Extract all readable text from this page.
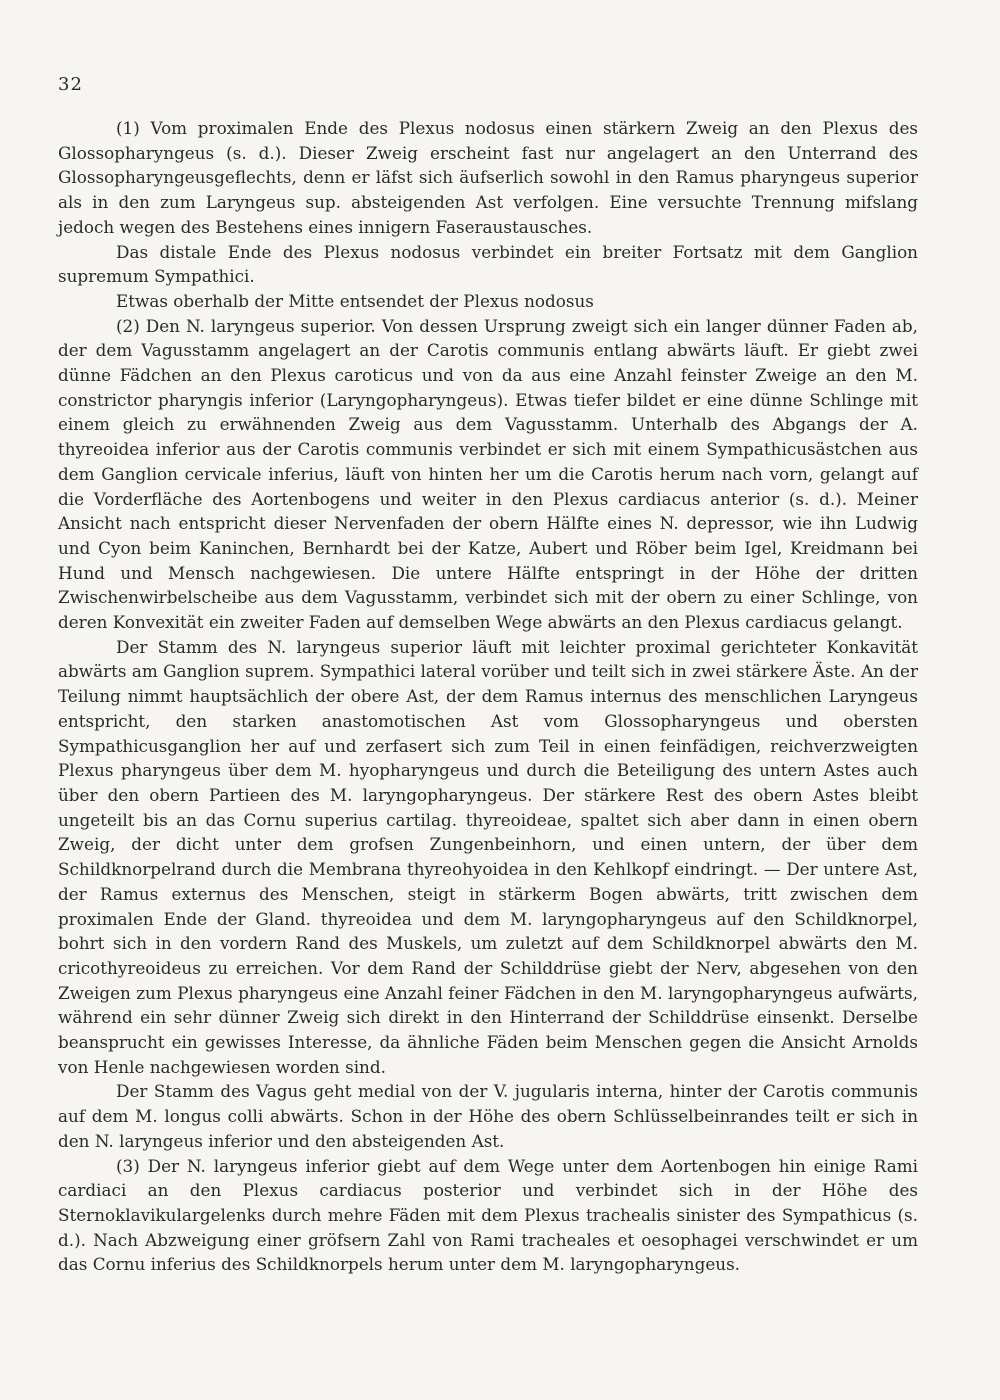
32

(1) Vom proximalen Ende des Plexus nodosus einen stärkern Zweig an den Plexus des Glossopharyngeus (s. d.). Dieser Zweig erscheint fast nur angelagert an den Unterrand des Glossopharyngeusgeflechts, denn er läfst sich äufserlich sowohl in den Ramus pharyngeus superior als in den zum Laryngeus sup. absteigenden Ast verfolgen. Eine versuchte Trennung mifslang jedoch wegen des Bestehens eines innigern Faseraustausches.

Das distale Ende des Plexus nodosus verbindet ein breiter Fortsatz mit dem Ganglion supremum Sympathici.

Etwas oberhalb der Mitte entsendet der Plexus nodosus

(2) Den N. laryngeus superior. Von dessen Ursprung zweigt sich ein langer dünner Faden ab, der dem Vagusstamm angelagert an der Carotis communis entlang abwärts läuft. Er giebt zwei dünne Fädchen an den Plexus caroticus und von da aus eine Anzahl feinster Zweige an den M. constrictor pharyngis inferior (Laryngopharyngeus). Etwas tiefer bildet er eine dünne Schlinge mit einem gleich zu erwähnenden Zweig aus dem Vagusstamm. Unterhalb des Abgangs der A. thyreoidea inferior aus der Carotis communis verbindet er sich mit einem Sympathicusästchen aus dem Ganglion cervicale inferius, läuft von hinten her um die Carotis herum nach vorn, gelangt auf die Vorderfläche des Aortenbogens und weiter in den Plexus cardiacus anterior (s. d.). Meiner Ansicht nach entspricht dieser Nervenfaden der obern Hälfte eines N. depressor, wie ihn Ludwig und Cyon beim Kaninchen, Bernhardt bei der Katze, Aubert und Röber beim Igel, Kreidmann bei Hund und Mensch nachgewiesen. Die untere Hälfte entspringt in der Höhe der dritten Zwischenwirbelscheibe aus dem Vagusstamm, verbindet sich mit der obern zu einer Schlinge, von deren Konvexität ein zweiter Faden auf demselben Wege abwärts an den Plexus cardiacus gelangt.

Der Stamm des N. laryngeus superior läuft mit leichter proximal gerichteter Konkavität abwärts am Ganglion suprem. Sympathici lateral vorüber und teilt sich in zwei stärkere Äste. An der Teilung nimmt hauptsächlich der obere Ast, der dem Ramus internus des menschlichen Laryngeus entspricht, den starken anastomotischen Ast vom Glossopharyngeus und obersten Sympathicusganglion her auf und zerfasert sich zum Teil in einen feinfädigen, reichverzweigten Plexus pharyngeus über dem M. hyopharyngeus und durch die Beteiligung des untern Astes auch über den obern Partieen des M. laryngopharyngeus. Der stärkere Rest des obern Astes bleibt ungeteilt bis an das Cornu superius cartilag. thyreoideae, spaltet sich aber dann in einen obern Zweig, der dicht unter dem grofsen Zungenbeinhorn, und einen untern, der über dem Schildknorpelrand durch die Membrana thyreohyoidea in den Kehlkopf eindringt. — Der untere Ast, der Ramus externus des Menschen, steigt in stärkerm Bogen abwärts, tritt zwischen dem proximalen Ende der Gland. thyreoidea und dem M. laryngopharyngeus auf den Schildknorpel, bohrt sich in den vordern Rand des Muskels, um zuletzt auf dem Schildknorpel abwärts den M. cricothyreoideus zu erreichen. Vor dem Rand der Schilddrüse giebt der Nerv, abgesehen von den Zweigen zum Plexus pharyngeus eine Anzahl feiner Fädchen in den M. laryngopharyngeus aufwärts, während ein sehr dünner Zweig sich direkt in den Hinterrand der Schilddrüse einsenkt. Derselbe beansprucht ein gewisses Interesse, da ähnliche Fäden beim Menschen gegen die Ansicht Arnolds von Henle nachgewiesen worden sind.

Der Stamm des Vagus geht medial von der V. jugularis interna, hinter der Carotis communis auf dem M. longus colli abwärts. Schon in der Höhe des obern Schlüsselbeinrandes teilt er sich in den N. laryngeus inferior und den absteigenden Ast.

(3) Der N. laryngeus inferior giebt auf dem Wege unter dem Aortenbogen hin einige Rami cardiaci an den Plexus cardiacus posterior und verbindet sich in der Höhe des Sternoklavikulargelenks durch mehre Fäden mit dem Plexus trachealis sinister des Sympathicus (s. d.). Nach Abzweigung einer gröfsern Zahl von Rami tracheales et oesophagei verschwindet er um das Cornu inferius des Schildknorpels herum unter dem M. laryngopharyngeus.
